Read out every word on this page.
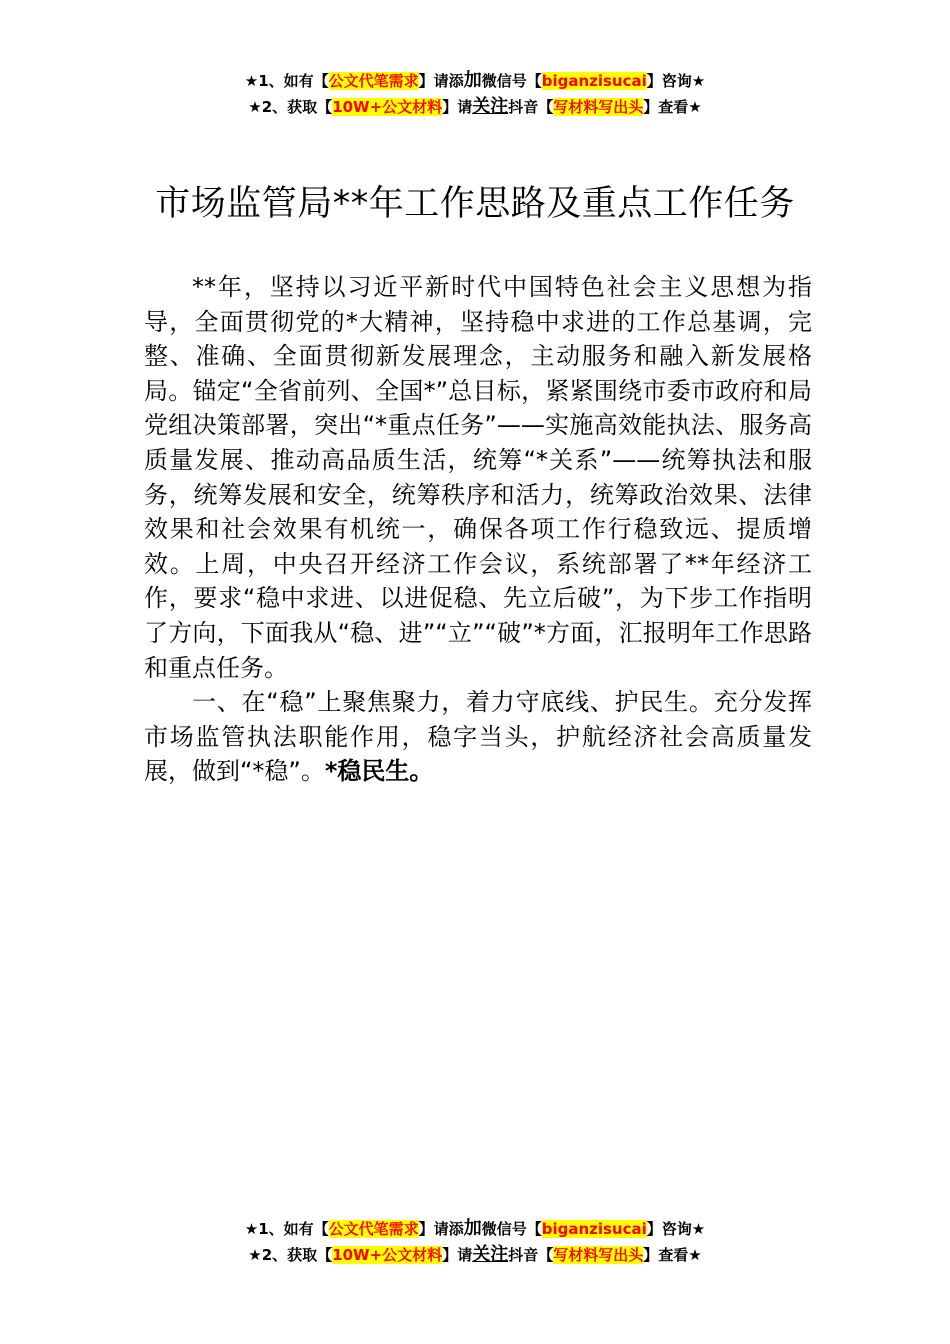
★1、如有【公文代笔需求】请添加微信号【biganzisucai】咨询★
★2、获取【10W+公文材料】请关注抖音【写材料写出头】查看★
市场监管局**年工作思路及重点工作任务

**年，坚持以习近平新时代中国特色社会主义思想为指导，全面贯彻党的*大精神，坚持稳中求进的工作总基调，完整、准确、全面贯彻新发展理念，主动服务和融入新发展格局。锚定“全省前列、全国*”总目标，紧紧围绕市委市政府和局党组决策部署，突出“*重点任务”——实施高效能执法、服务高质量发展、推动高品质生活，统筹“*关系”——统筹执法和服务，统筹发展和安全，统筹秩序和活力，统筹政治效果、法律效果和社会效果有机统一，确保各项工作行稳致远、提质增效。上周，中央召开经济工作会议，系统部署了**年经济工作，要求“稳中求进、以进促稳、先立后破”，为下步工作指明了方向，下面我从“稳、进”“立”“破”*方面，汇报明年工作思路和重点任务。

一、在“稳”上聚焦聚力，着力守底线、护民生。充分发挥市场监管执法职能作用，稳字当头，护航经济社会高质量发展，做到“*稳”。*稳民生。

★1、如有【公文代笔需求】请添加微信号【biganzisucai】咨询★
★2、获取【10W+公文材料】请关注抖音【写材料写出头】查看★
